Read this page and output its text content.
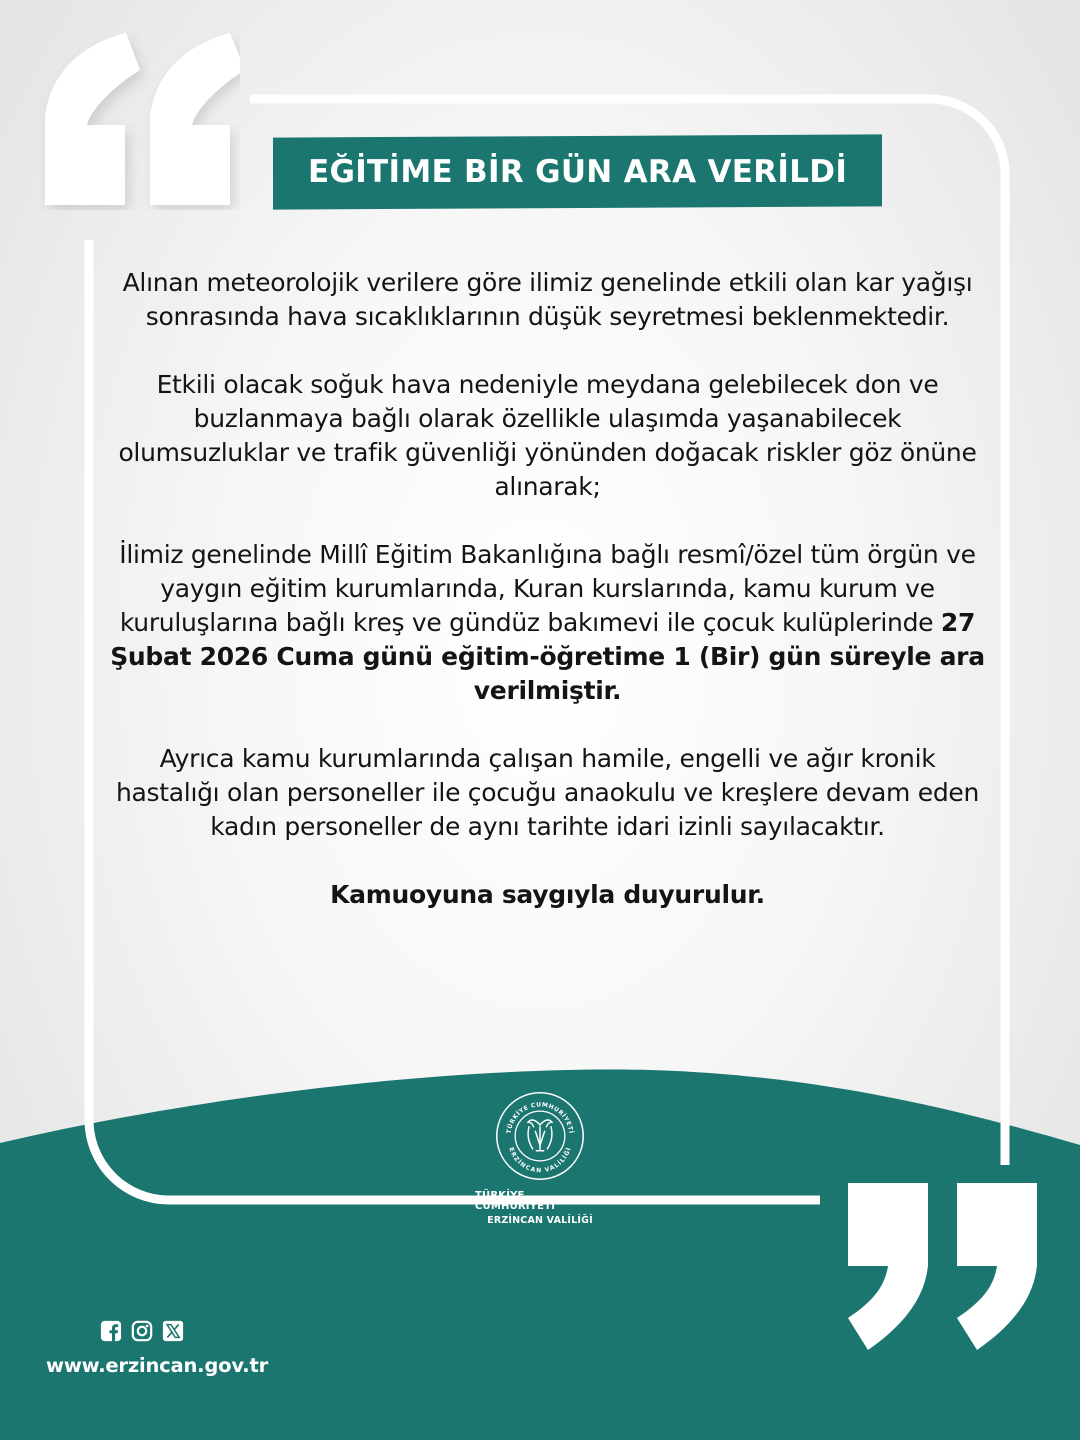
EĞİTİME BİR GÜN ARA VERİLDİ

Alınan meteorolojik verilere göre ilimiz genelinde etkili olan kar yağışı sonrasında hava sıcaklıklarının düşük seyretmesi beklenmektedir.

Etkili olacak soğuk hava nedeniyle meydana gelebilecek don ve buzlanmaya bağlı olarak özellikle ulaşımda yaşanabilecek olumsuzluklar ve trafik güvenliği yönünden doğacak riskler göz önüne alınarak;

İlimiz genelinde Millî Eğitim Bakanlığına bağlı resmî/özel tüm örgün ve yaygın eğitim kurumlarında, Kuran kurslarında, kamu kurum ve kuruluşlarına bağlı kreş ve gündüz bakımevi ile çocuk kulüplerinde 27 Şubat 2026 Cuma günü eğitim-öğretime 1 (Bir) gün süreyle ara verilmiştir.

Ayrıca kamu kurumlarında çalışan hamile, engelli ve ağır kronik hastalığı olan personeller ile çocuğu anaokulu ve kreşlere devam eden kadın personeller de aynı tarihte idari izinli sayılacaktır.

Kamuoyuna saygıyla duyurulur.

TÜRKİYE CUMHURİYETİ
ERZİNCAN VALİLİĞİ
TÜRKİYE CUMHURİYETİ
ERZİNCAN VALİLİĞİ
www.erzincan.gov.tr
